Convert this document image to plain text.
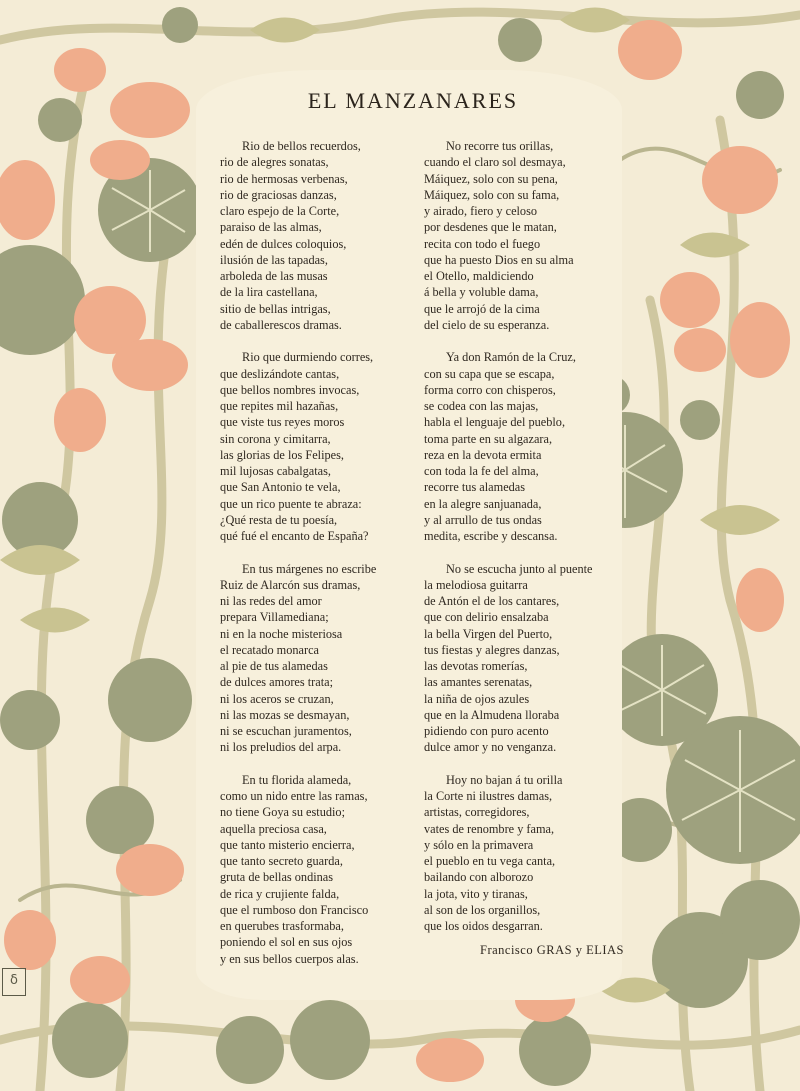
EL MANZANARES
Rio de bellos recuerdos,
rio de alegres sonatas,
rio de hermosas verbenas,
rio de graciosas danzas,
claro espejo de la Corte,
paraiso de las almas,
edén de dulces coloquios,
ilusión de las tapadas,
arboleda de las musas
de la lira castellana,
sitio de bellas intrigas,
de caballerescos dramas.
Rio que durmiendo corres,
que deslizándote cantas,
que bellos nombres invocas,
que repites mil hazañas,
que viste tus reyes moros
sin corona y cimitarra,
las glorias de los Felipes,
mil lujosas cabalgatas,
que San Antonio te vela,
que un rico puente te abraza:
¿Qué resta de tu poesía,
qué fué el encanto de España?
En tus márgenes no escribe
Ruiz de Alarcón sus dramas,
ni las redes del amor
prepara Villamediana;
ni en la noche misteriosa
el recatado monarca
al pie de tus alamedas
de dulces amores trata;
ni los aceros se cruzan,
ni las mozas se desmayan,
ni se escuchan juramentos,
ni los preludios del arpa.
En tu florida alameda,
como un nido entre las ramas,
no tiene Goya su estudio;
aquella preciosa casa,
que tanto misterio encierra,
que tanto secreto guarda,
gruta de bellas ondinas
de rica y crujiente falda,
que el rumboso don Francisco
en querubes trasformaba,
poniendo el sol en sus ojos
y en sus bellos cuerpos alas.
No recorre tus orillas,
cuando el claro sol desmaya,
Máiquez, solo con su pena,
Máiquez, solo con su fama,
y airado, fiero y celoso
por desdenes que le matan,
recita con todo el fuego
que ha puesto Dios en su alma
el Otello, maldiciendo
á bella y voluble dama,
que le arrojó de la cima
del cielo de su esperanza.
Ya don Ramón de la Cruz,
con su capa que se escapa,
forma corro con chisperos,
se codea con las majas,
habla el lenguaje del pueblo,
toma parte en su algazara,
reza en la devota ermita
con toda la fe del alma,
recorre tus alamedas
en la alegre sanjuanada,
y al arrullo de tus ondas
medita, escribe y descansa.
No se escucha junto al puente
la melodiosa guitarra
de Antón el de los cantares,
que con delirio ensalzaba
la bella Virgen del Puerto,
tus fiestas y alegres danzas,
las devotas romerías,
las amantes serenatas,
la niña de ojos azules
que en la Almudena lloraba
pidiendo con puro acento
dulce amor y no venganza.
Hoy no bajan á tu orilla
la Corte ni ilustres damas,
artistas, corregidores,
vates de renombre y fama,
y sólo en la primavera
el pueblo en tu vega canta,
bailando con alborozo
la jota, vito y tiranas,
al son de los organillos,
que los oidos desgarran.
Francisco GRAS y ELIAS
δ
